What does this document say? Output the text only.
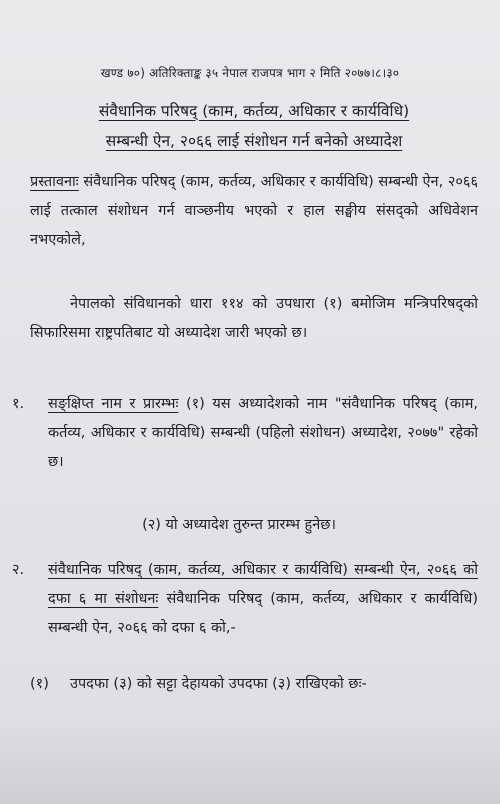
खण्ड ७०) अतिरिक्ताङ्क ३५ नेपाल राजपत्र भाग २ मिति २०७७।८।३०
संवैधानिक परिषद् (काम, कर्तव्य, अधिकार र कार्यविधि)
सम्बन्धी ऐन, २०६६ लाई संशोधन गर्न बनेको अध्यादेश
प्रस्तावनाः संवैधानिक परिषद् (काम, कर्तव्य, अधिकार र कार्यविधि) सम्बन्धी ऐन, २०६६ लाई तत्काल संशोधन गर्न वाञ्छनीय भएको र हाल सङ्घीय संसद्को अधिवेशन नभएकोले,
नेपालको संविधानको धारा ११४ को उपधारा (१) बमोजिम मन्त्रिपरिषद्को सिफारिसमा राष्ट्रपतिबाट यो अध्यादेश जारी भएको छ।
१. सङ्क्षिप्त नाम र प्रारम्भः (१) यस अध्यादेशको नाम "संवैधानिक परिषद् (काम, कर्तव्य, अधिकार र कार्यविधि) सम्बन्धी (पहिलो संशोधन) अध्यादेश, २०७७" रहेको छ।
(२) यो अध्यादेश तुरुन्त प्रारम्भ हुनेछ।
२. संवैधानिक परिषद् (काम, कर्तव्य, अधिकार र कार्यविधि) सम्बन्धी ऐन, २०६६ को दफा ६ मा संशोधनः संवैधानिक परिषद् (काम, कर्तव्य, अधिकार र कार्यविधि) सम्बन्धी ऐन, २०६६ को दफा ६ को,-
(१) उपदफा (३) को सट्टा देहायको उपदफा (३) राखिएको छः-
